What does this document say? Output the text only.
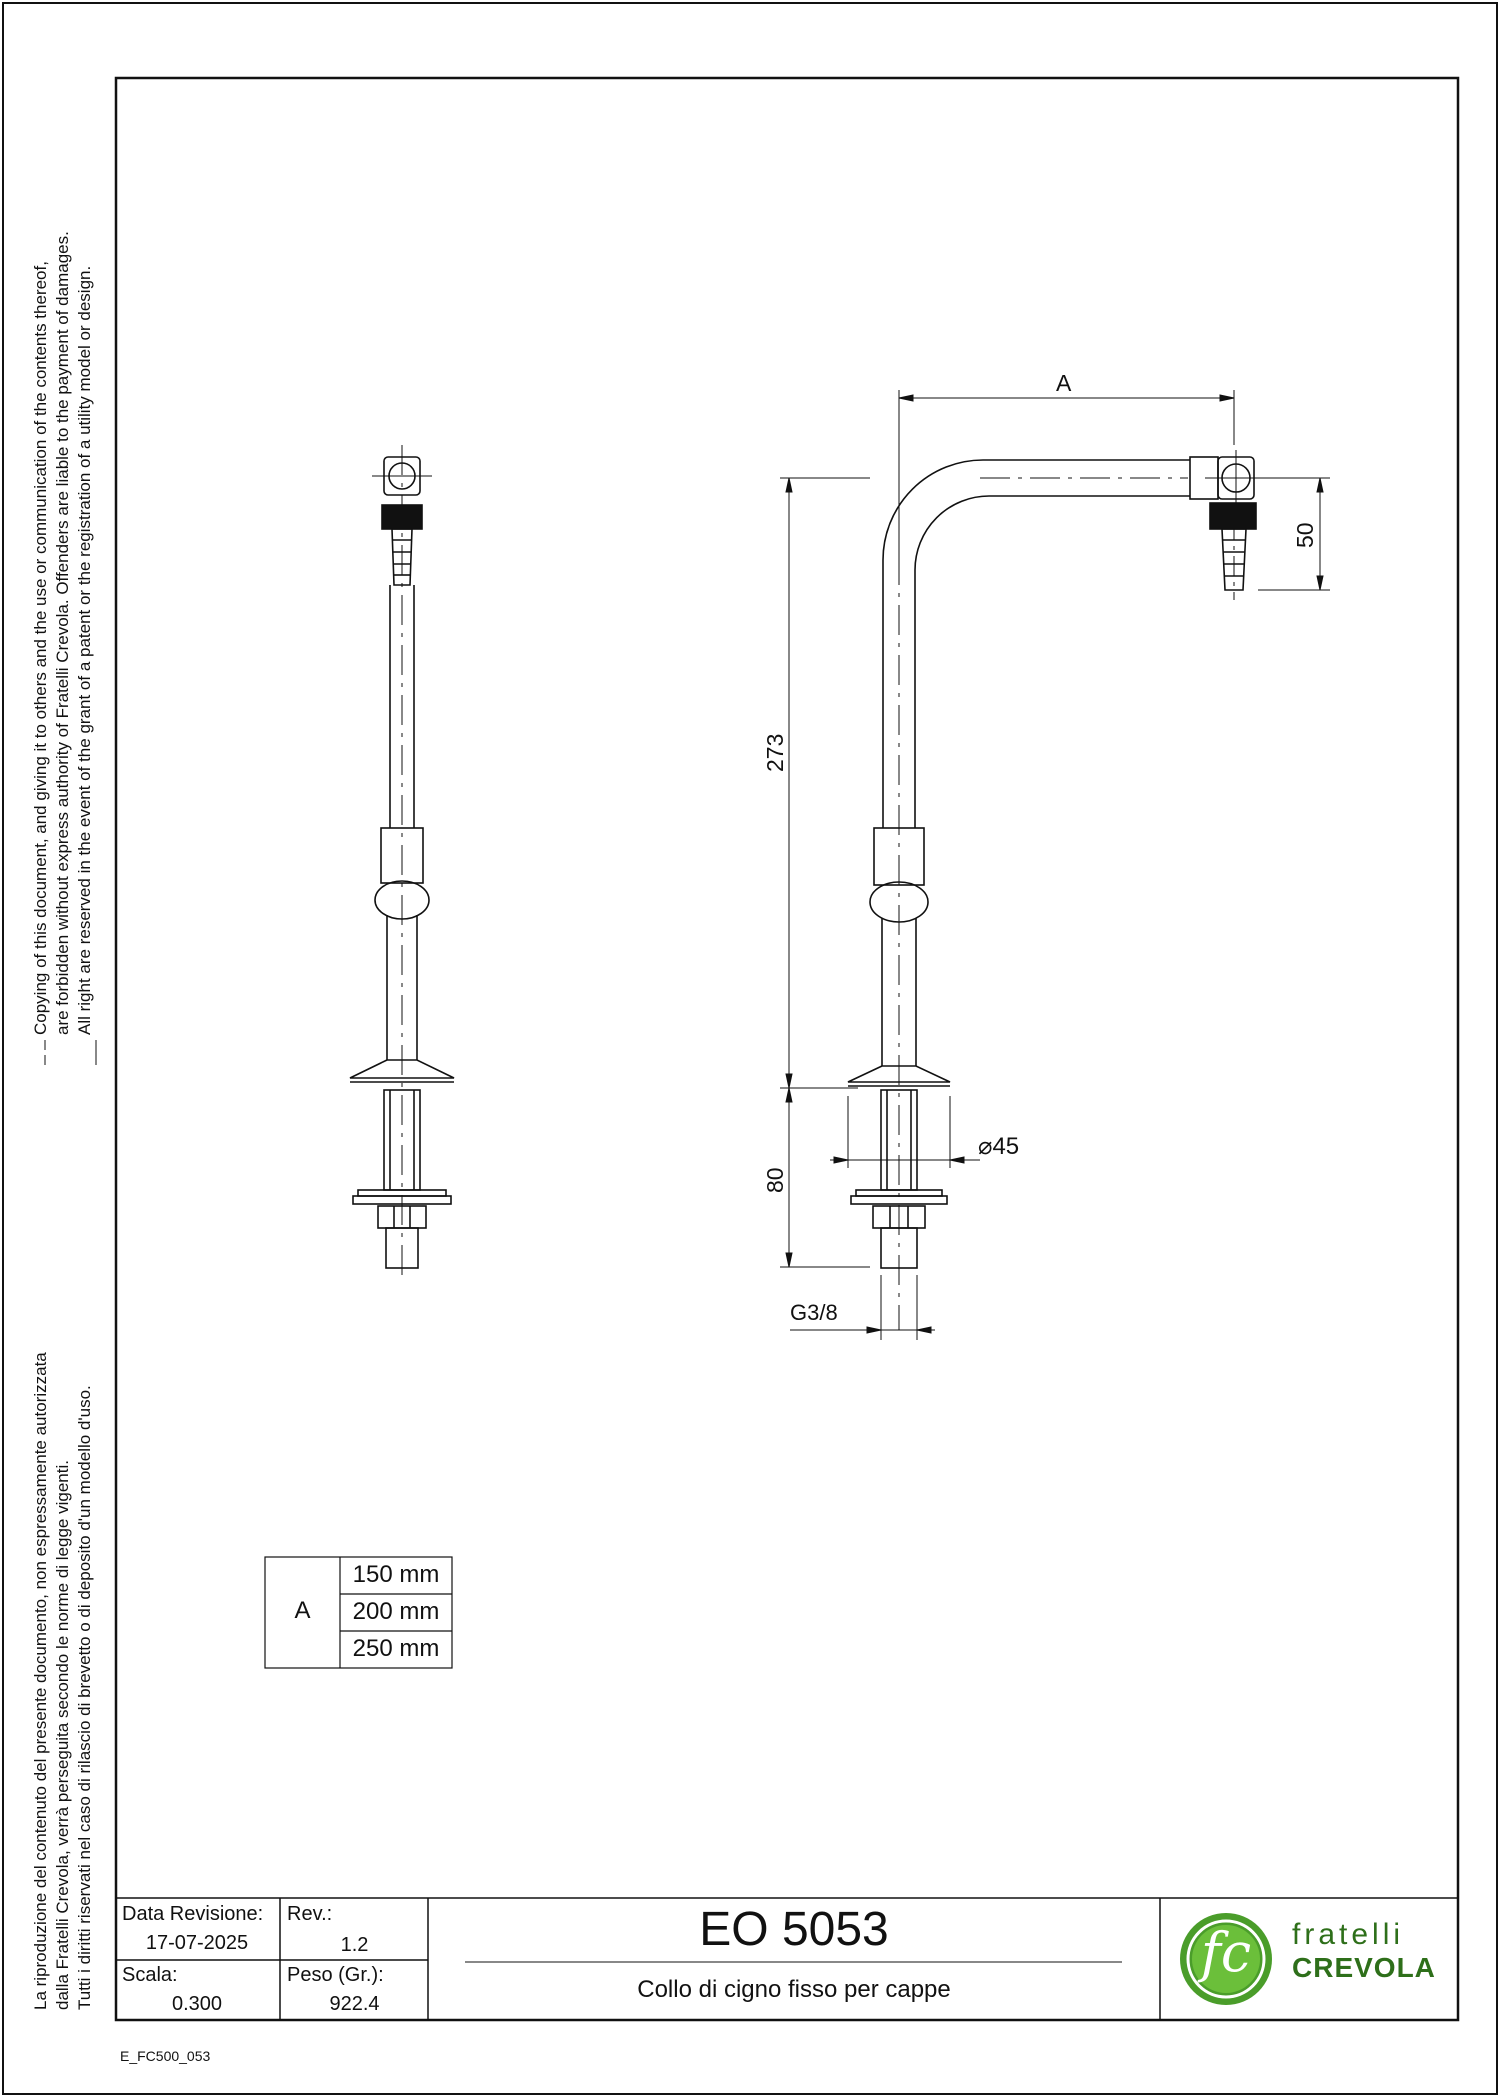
Copying of this document, and giving it to others and the use or communication of the contents thereof, are forbidden without express authority of Fratelli Crevola. Offenders are liable to the payment of damages. All right are reserved in the event of the grant of a patent or the registration of a utility model or design.
La riproduzione del contenuto del presente documento, non espressamente autorizzata dalla Fratelli Crevola, verrà perseguita secondo le norme di legge vigenti. Tutti i diritti riservati nel caso di rilascio di brevetto o di deposito d'un modello d'uso.
A
273
50
80
⌀45
G3/8
A
150 mm
200 mm
250 mm
Data Revisione:
17-07-2025
Rev.:
1.2
Scala:
0.300
Peso (Gr.):
922.4
EO 5053
Collo di cigno fisso per cappe
fc	fratelli
CREVOLA
E_FC500_053
